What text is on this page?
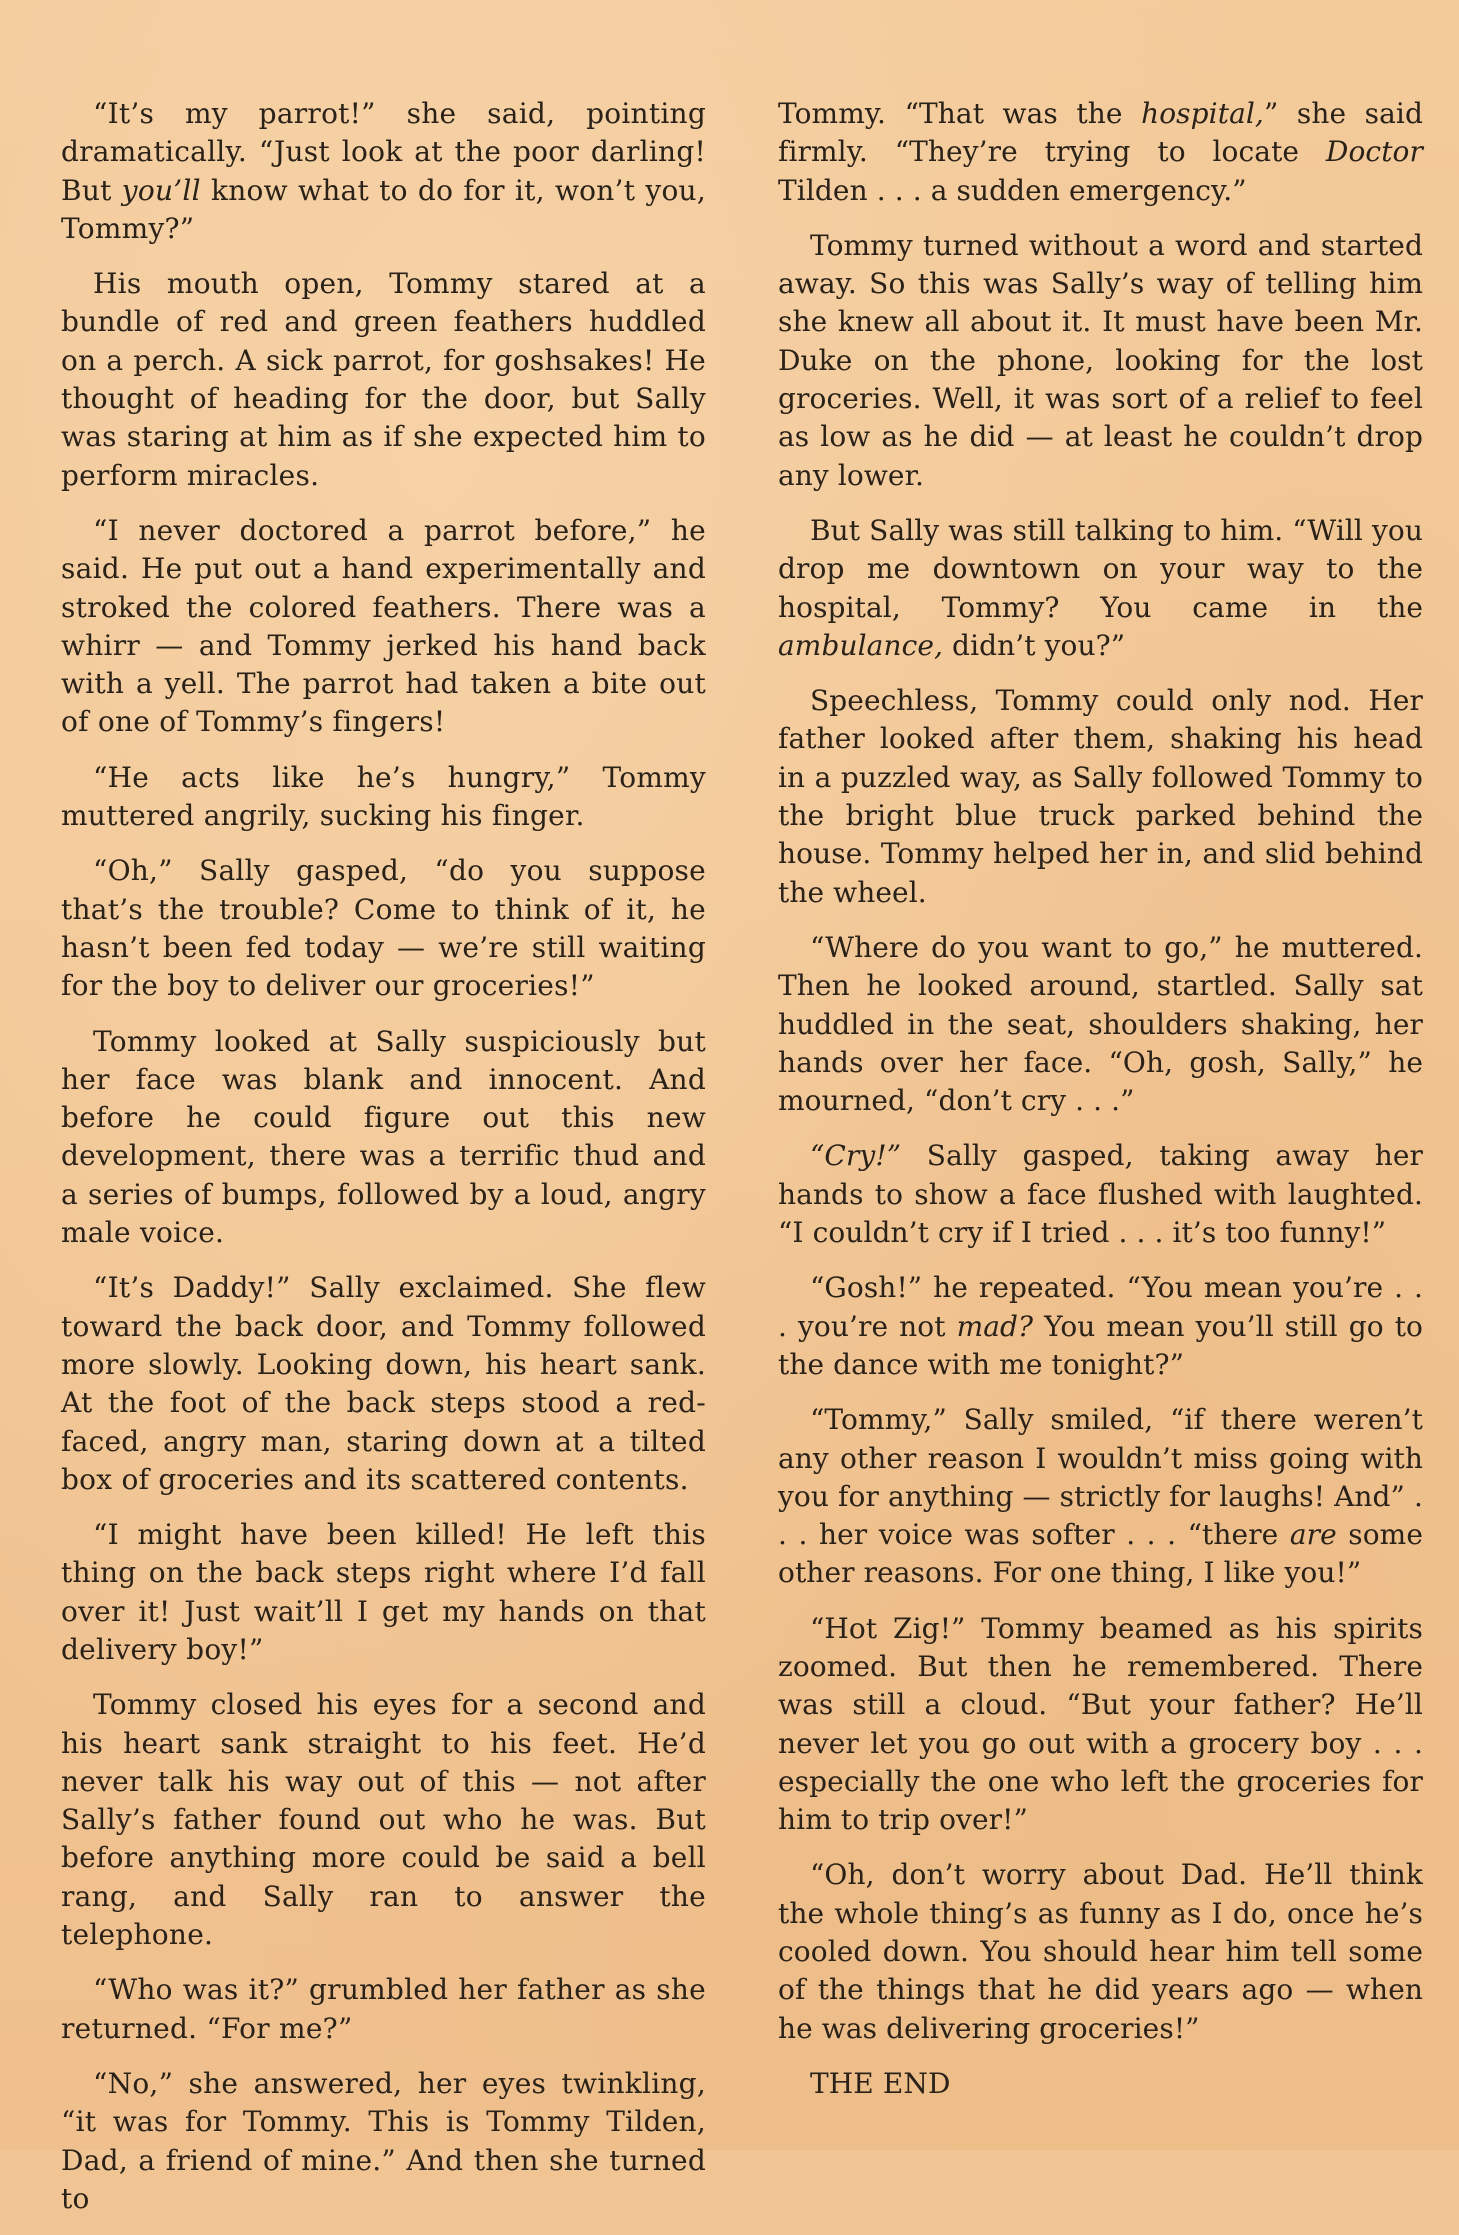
“It’s my parrot!” she said, pointing dramatically. “Just look at the poor darling! But you’ll know what to do for it, won’t you, Tommy?”

His mouth open, Tommy stared at a bundle of red and green feathers huddled on a perch. A sick parrot, for goshsakes! He thought of heading for the door, but Sally was staring at him as if she expected him to perform miracles.

“I never doctored a parrot before,” he said. He put out a hand experimentally and stroked the colored feathers. There was a whirr — and Tommy jerked his hand back with a yell. The parrot had taken a bite out of one of Tommy’s fingers!

“He acts like he’s hungry,” Tommy muttered angrily, sucking his finger.

“Oh,” Sally gasped, “do you suppose that’s the trouble? Come to think of it, he hasn’t been fed today — we’re still waiting for the boy to deliver our groceries!”

Tommy looked at Sally suspiciously but her face was blank and innocent. And before he could figure out this new development, there was a terrific thud and a series of bumps, followed by a loud, angry male voice.

“It’s Daddy!” Sally exclaimed. She flew toward the back door, and Tommy followed more slowly. Looking down, his heart sank. At the foot of the back steps stood a red-faced, angry man, staring down at a tilted box of groceries and its scattered contents.

“I might have been killed! He left this thing on the back steps right where I’d fall over it! Just wait’ll I get my hands on that delivery boy!”

Tommy closed his eyes for a second and his heart sank straight to his feet. He’d never talk his way out of this — not after Sally’s father found out who he was. But before anything more could be said a bell rang, and Sally ran to answer the telephone.

“Who was it?” grumbled her father as she returned. “For me?”

“No,” she answered, her eyes twinkling, “it was for Tommy. This is Tommy Tilden, Dad, a friend of mine.” And then she turned to

Tommy. “That was the hospital,” she said firmly. “They’re trying to locate Doctor Tilden . . . a sudden emergency.”

Tommy turned without a word and started away. So this was Sally’s way of telling him she knew all about it. It must have been Mr. Duke on the phone, looking for the lost groceries. Well, it was sort of a relief to feel as low as he did — at least he couldn’t drop any lower.

But Sally was still talking to him. “Will you drop me downtown on your way to the hospital, Tommy? You came in the ambulance, didn’t you?”

Speechless, Tommy could only nod. Her father looked after them, shaking his head in a puzzled way, as Sally followed Tommy to the bright blue truck parked behind the house. Tommy helped her in, and slid behind the wheel.

“Where do you want to go,” he muttered. Then he looked around, startled. Sally sat huddled in the seat, shoulders shaking, her hands over her face. “Oh, gosh, Sally,” he mourned, “don’t cry . . .”

“Cry!” Sally gasped, taking away her hands to show a face flushed with laughted. “I couldn’t cry if I tried . . . it’s too funny!”

“Gosh!” he repeated. “You mean you’re . . . you’re not mad? You mean you’ll still go to the dance with me tonight?”

“Tommy,” Sally smiled, “if there weren’t any other reason I wouldn’t miss going with you for anything — strictly for laughs! And” . . . her voice was softer . . . “there are some other reasons. For one thing, I like you!”

“Hot Zig!” Tommy beamed as his spirits zoomed. But then he remembered. There was still a cloud. “But your father? He’ll never let you go out with a grocery boy . . . especially the one who left the groceries for him to trip over!”

“Oh, don’t worry about Dad. He’ll think the whole thing’s as funny as I do, once he’s cooled down. You should hear him tell some of the things that he did years ago — when he was delivering groceries!”

THE END
